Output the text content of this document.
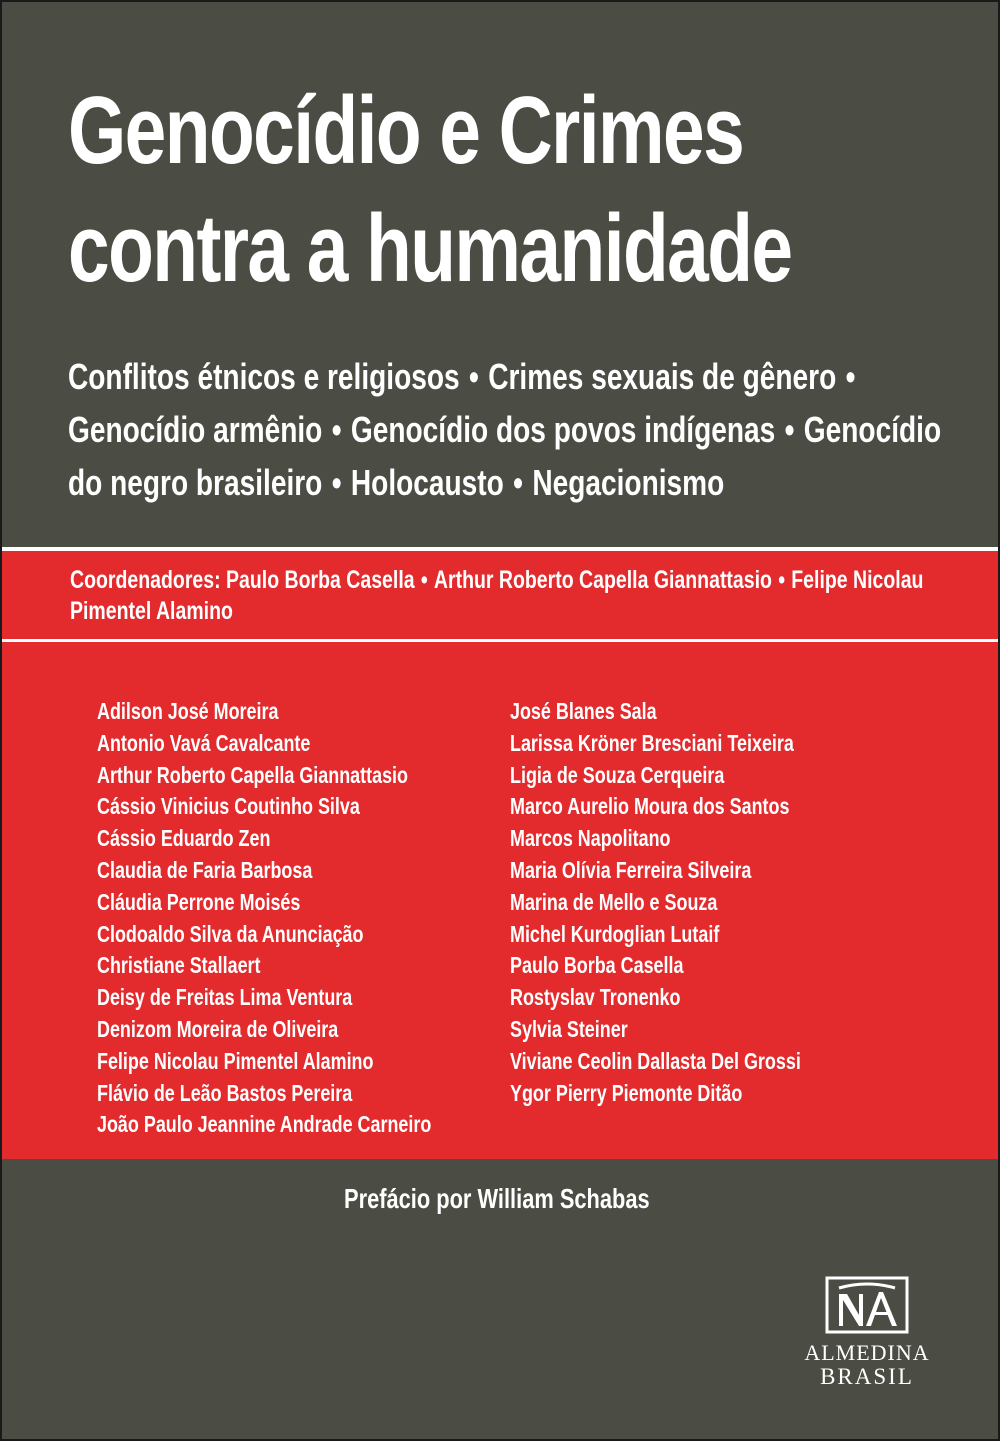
Genocídio e Crimes
contra a humanidade
Conflitos étnicos e religiosos • Crimes sexuais de gênero •
Genocídio armênio • Genocídio dos povos indígenas • Genocídio
do negro brasileiro • Holocausto • Negacionismo
Coordenadores: Paulo Borba Casella • Arthur Roberto Capella Giannattasio • Felipe Nicolau
Pimentel Alamino
Adilson José Moreira
Antonio Vavá Cavalcante
Arthur Roberto Capella Giannattasio
Cássio Vinicius Coutinho Silva
Cássio Eduardo Zen
Claudia de Faria Barbosa
Cláudia Perrone Moisés
Clodoaldo Silva da Anunciação
Christiane Stallaert
Deisy de Freitas Lima Ventura
Denizom Moreira de Oliveira
Felipe Nicolau Pimentel Alamino
Flávio de Leão Bastos Pereira
João Paulo Jeannine Andrade Carneiro
José Blanes Sala
Larissa Kröner Bresciani Teixeira
Ligia de Souza Cerqueira
Marco Aurelio Moura dos Santos
Marcos Napolitano
Maria Olívia Ferreira Silveira
Marina de Mello e Souza
Michel Kurdoglian Lutaif
Paulo Borba Casella
Rostyslav Tronenko
Sylvia Steiner
Viviane Ceolin Dallasta Del Grossi
Ygor Pierry Piemonte Ditão
Prefácio por William Schabas
ALMEDINA
BRASIL
